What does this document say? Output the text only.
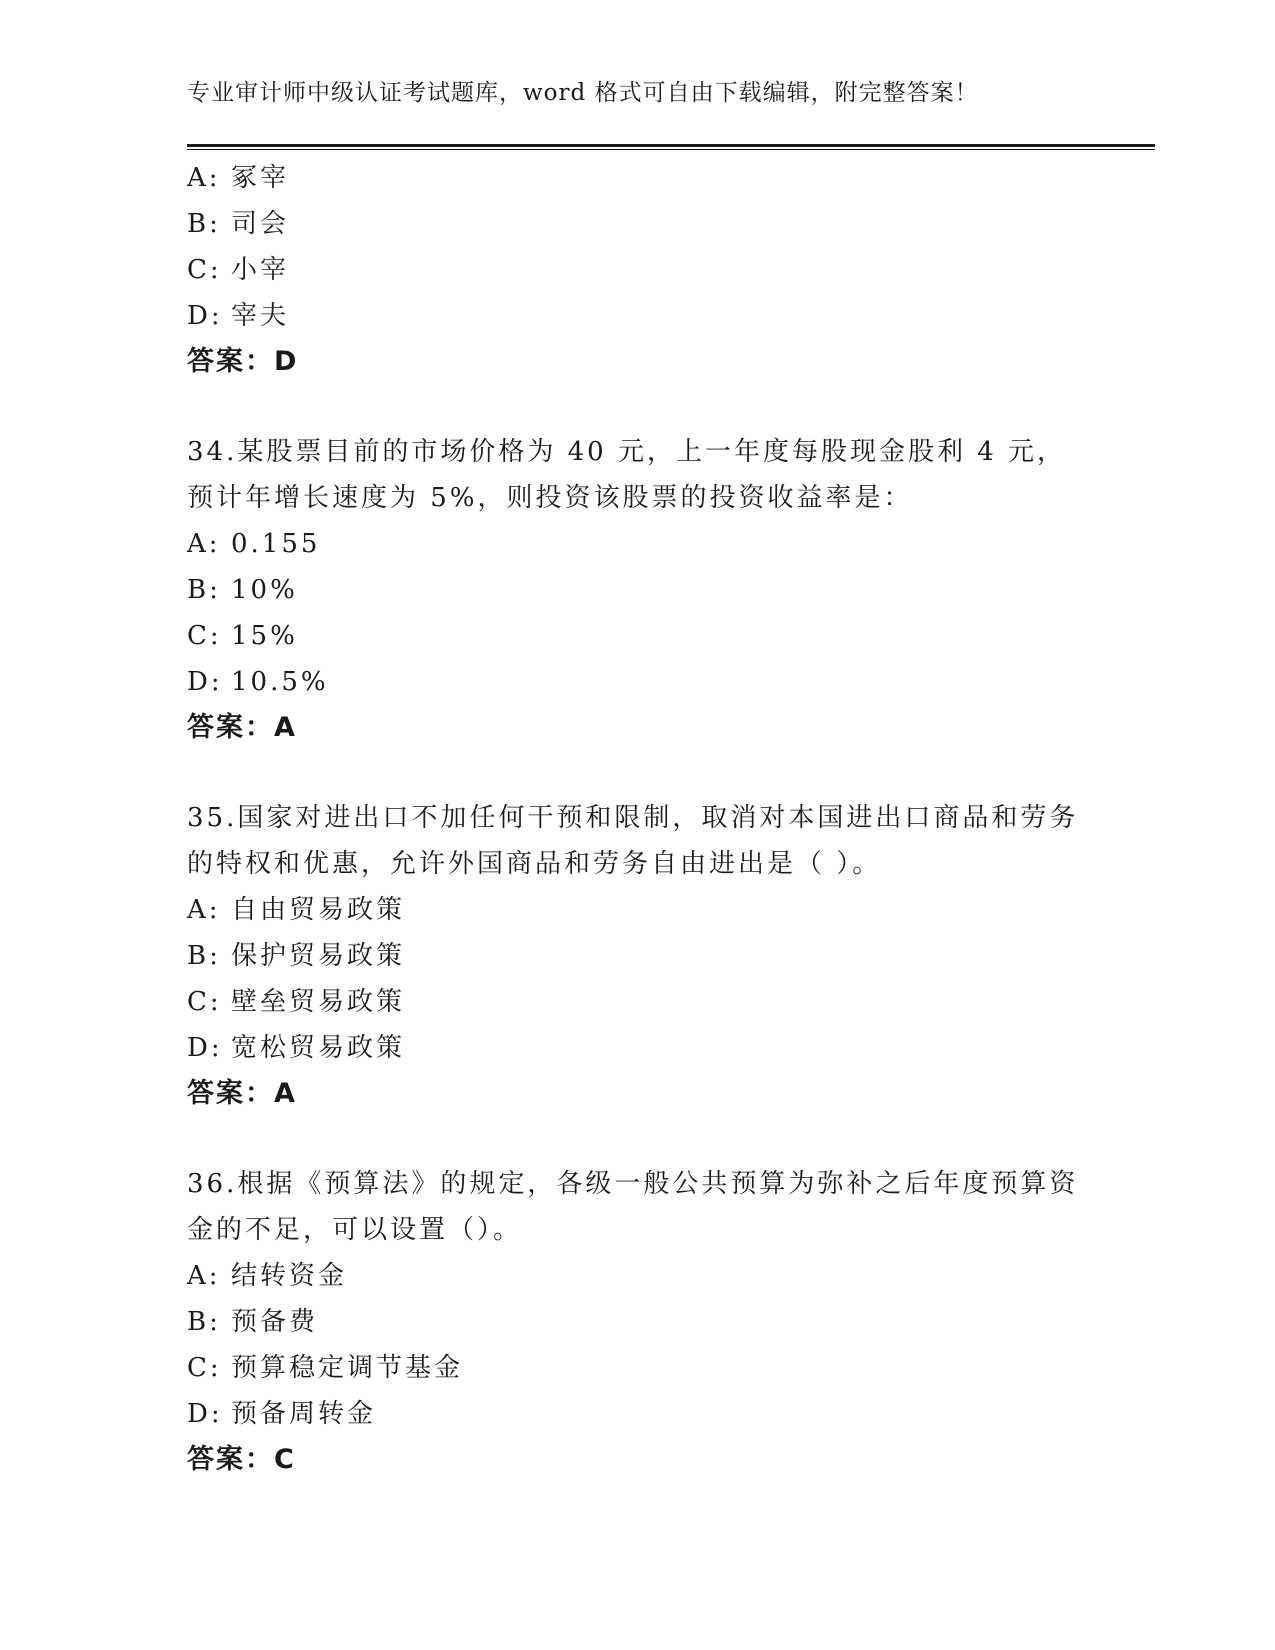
专业审计师中级认证考试题库，word 格式可自由下载编辑，附完整答案！
A: 冢宰
B: 司会
C: 小宰
D: 宰夫
答案：D

34.某股票目前的市场价格为 40 元，上一年度每股现金股利 4 元，预计年增长速度为 5%，则投资该股票的投资收益率是：

A: 0.155
B: 10%
C: 15%
D: 10.5%
答案：A

35.国家对进出口不加任何干预和限制，取消对本国进出口商品和劳务的特权和优惠，允许外国商品和劳务自由进出是（ ）。

A: 自由贸易政策
B: 保护贸易政策
C: 壁垒贸易政策
D: 宽松贸易政策
答案：A

36.根据《预算法》的规定，各级一般公共预算为弥补之后年度预算资金的不足，可以设置（）。

A: 结转资金
B: 预备费
C: 预算稳定调节基金
D: 预备周转金
答案：C
